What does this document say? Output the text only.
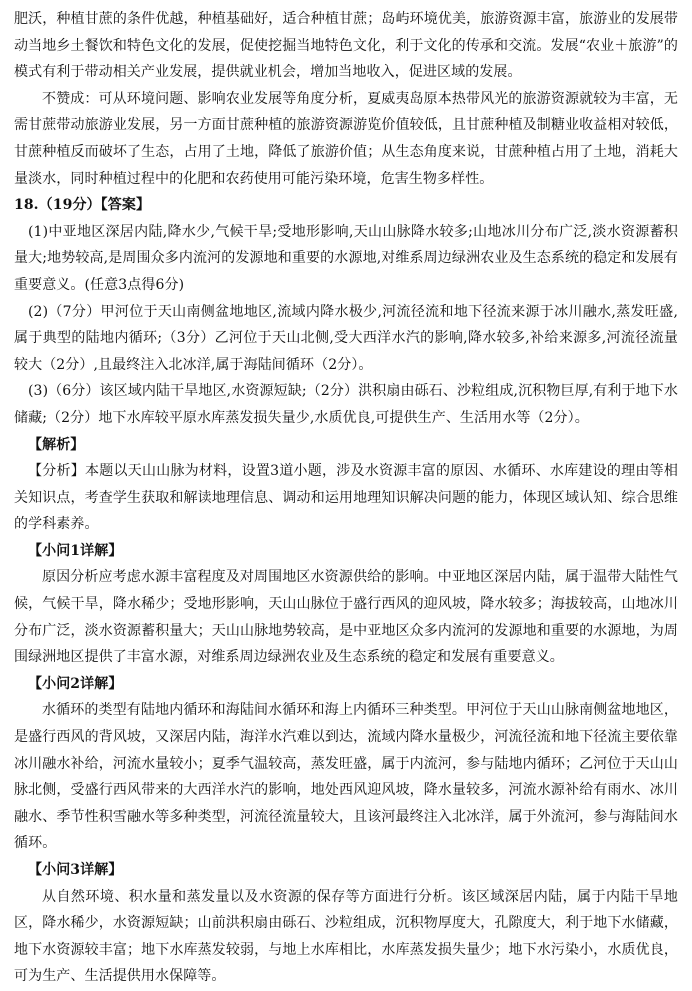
肥沃，种植甘蔗的条件优越，种植基础好，适合种植甘蔗；岛屿环境优美，旅游资源丰富，旅游业的发展带动当地乡土餐饮和特色文化的发展，促使挖掘当地特色文化，利于文化的传承和交流。发展“农业＋旅游”的模式有利于带动相关产业发展，提供就业机会，增加当地收入，促进区域的发展。

不赞成：可从环境问题、影响农业发展等角度分析，夏威夷岛原本热带风光的旅游资源就较为丰富，无需甘蔗带动旅游业发展，另一方面甘蔗种植的旅游资源游览价值较低，且甘蔗种植及制糖业收益相对较低，甘蔗种植反而破坏了生态，占用了土地，降低了旅游价值；从生态角度来说，甘蔗种植占用了土地，消耗大量淡水，同时种植过程中的化肥和农药使用可能污染环境，危害生物多样性。

18.（19分）【答案】

(1)中亚地区深居内陆,降水少,气候干旱;受地形影响,天山山脉降水较多;山地冰川分布广泛,淡水资源蓄积量大;地势较高,是周围众多内流河的发源地和重要的水源地,对维系周边绿洲农业及生态系统的稳定和发展有重要意义。(任意3点得6分)

(2)（7分）甲河位于天山南侧盆地地区,流域内降水极少,河流径流和地下径流来源于冰川融水,蒸发旺盛,属于典型的陆地内循环;（3分）乙河位于天山北侧,受大西洋水汽的影响,降水较多,补给来源多,河流径流量较大（2分）,且最终注入北冰洋,属于海陆间循环（2分）。

(3)（6分）该区域内陆干旱地区,水资源短缺;（2分）洪积扇由砾石、沙粒组成,沉积物巨厚,有利于地下水储藏;（2分）地下水库较平原水库蒸发损失量少,水质优良,可提供生产、生活用水等（2分）。

【解析】

【分析】本题以天山山脉为材料，设置3道小题，涉及水资源丰富的原因、水循环、水库建设的理由等相关知识点，考查学生获取和解读地理信息、调动和运用地理知识解决问题的能力，体现区域认知、综合思维的学科素养。

【小问1详解】

原因分析应考虑水源丰富程度及对周围地区水资源供给的影响。中亚地区深居内陆，属于温带大陆性气候，气候干旱，降水稀少；受地形影响，天山山脉位于盛行西风的迎风坡，降水较多；海拔较高，山地冰川分布广泛，淡水资源蓄积量大；天山山脉地势较高，是中亚地区众多内流河的发源地和重要的水源地，为周围绿洲地区提供了丰富水源，对维系周边绿洲农业及生态系统的稳定和发展有重要意义。

【小问2详解】

水循环的类型有陆地内循环和海陆间水循环和海上内循环三种类型。甲河位于天山山脉南侧盆地地区，是盛行西风的背风坡，又深居内陆，海洋水汽难以到达，流域内降水量极少，河流径流和地下径流主要依靠冰川融水补给，河流水量较小；夏季气温较高，蒸发旺盛，属于内流河，参与陆地内循环；乙河位于天山山脉北侧，受盛行西风带来的大西洋水汽的影响，地处西风迎风坡，降水量较多，河流水源补给有雨水、冰川融水、季节性积雪融水等多种类型，河流径流量较大，且该河最终注入北冰洋，属于外流河，参与海陆间水循环。

【小问3详解】

从自然环境、积水量和蒸发量以及水资源的保存等方面进行分析。该区域深居内陆，属于内陆干旱地区，降水稀少，水资源短缺；山前洪积扇由砾石、沙粒组成，沉积物厚度大，孔隙度大，利于地下水储藏，地下水资源较丰富；地下水库蒸发较弱，与地上水库相比，水库蒸发损失量少；地下水污染小，水质优良，可为生产、生活提供用水保障等。
